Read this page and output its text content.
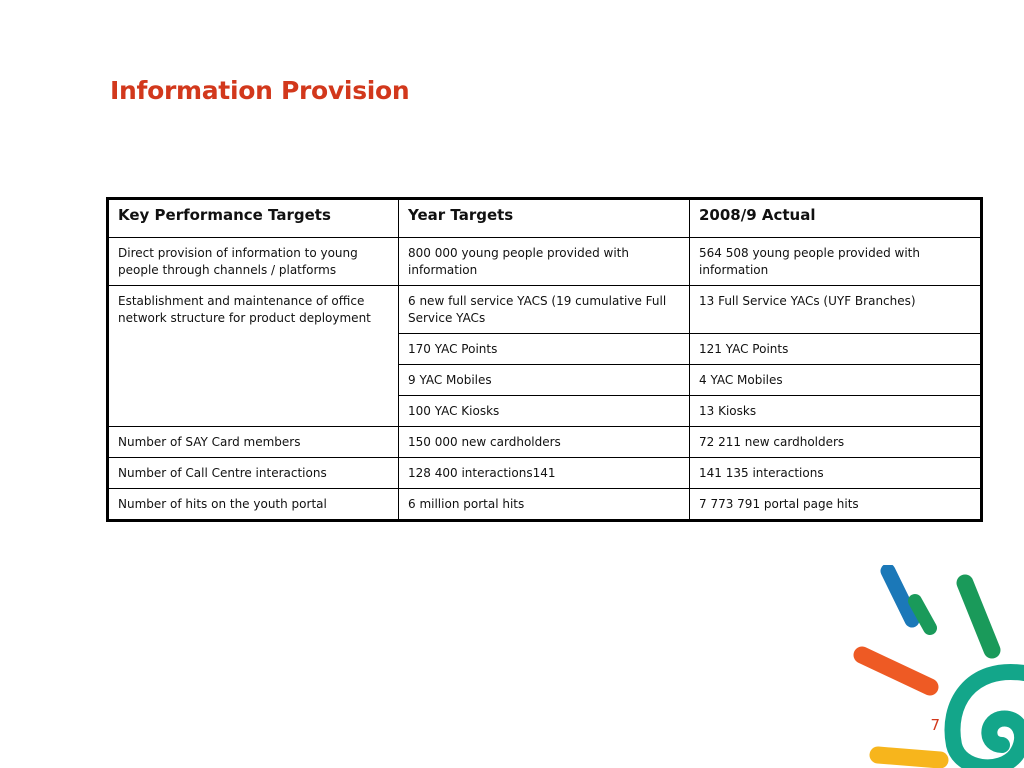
Information Provision
Key Performance Targets	Year Targets	2008/9 Actual
Direct provision of information to young people through channels / platforms	800 000 young people provided with information	564 508 young people provided with information
Establishment and maintenance of office network structure for product deployment	6 new full service YACS (19 cumulative Full Service YACs	13 Full Service YACs (UYF Branches)
	170 YAC Points	121 YAC Points
	9 YAC Mobiles	4 YAC Mobiles
	100 YAC Kiosks	13 Kiosks
Number of SAY Card members	150 000 new cardholders	72 211 new cardholders
Number of Call Centre interactions	128 400 interactions141	141 135 interactions
Number of hits on the youth portal	6 million portal hits	7 773 791 portal page hits
7
